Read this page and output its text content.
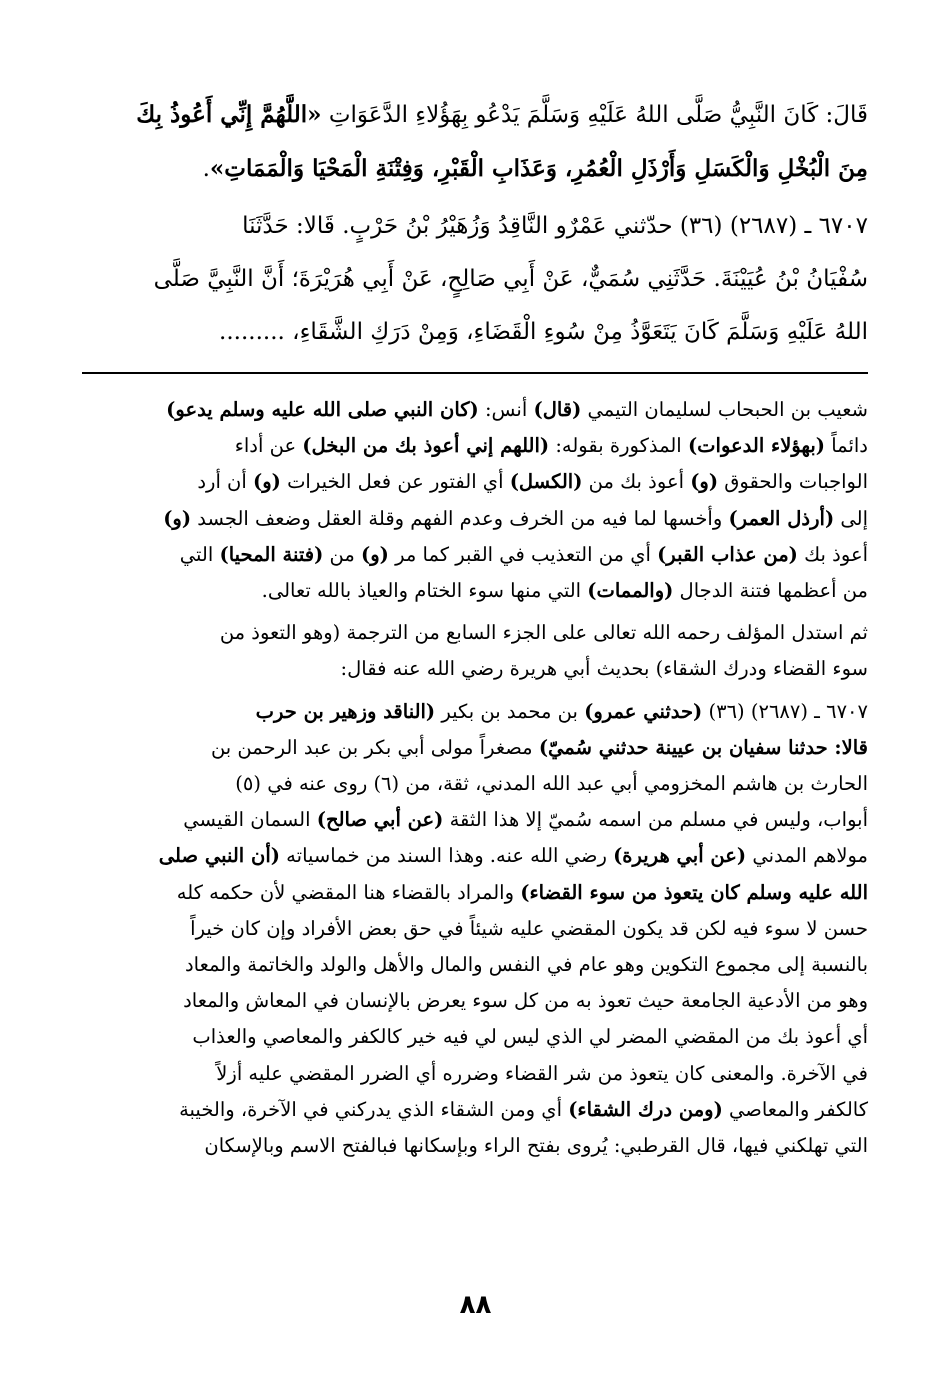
قَالَ: كَانَ النَّبِيُّ صَلَّى اللهُ عَلَيْهِ وَسَلَّمَ يَدْعُو بِهَؤُلاءِ الدَّعَوَاتِ «اللَّهُمَّ إِنِّي أَعُوذُ بِكَ

مِنَ الْبُخْلِ وَالْكَسَلِ وَأَرْذَلِ الْعُمُرِ، وَعَذَابِ الْقَبْرِ، وَفِتْنَةِ الْمَحْيَا وَالْمَمَاتِ».

٦٧٠٧ ـ (٢٦٨٧) (٣٦) حدّثني عَمْرٌو النَّاقِدُ وَزُهَيْرُ بْنُ حَرْبٍ. قَالا: حَدَّثَنَا

سُفْيَانُ بْنُ عُيَيْنَةَ. حَدَّثَنِي سُمَيٌّ، عَنْ أَبِي صَالِحٍ، عَنْ أَبِي هُرَيْرَةَ؛ أَنَّ النَّبِيَّ صَلَّى

اللهُ عَلَيْهِ وَسَلَّمَ كَانَ يَتَعَوَّذُ مِنْ سُوءِ الْقَضَاءِ، وَمِنْ دَرَكِ الشَّقَاءِ، .........

شعيب بن الحبحاب لسليمان التيمي (قال) أنس: (كان النبي صلى الله عليه وسلم يدعو)

دائماً (بهؤلاء الدعوات) المذكورة بقوله: (اللهم إني أعوذ بك من البخل) عن أداء

الواجبات والحقوق (و) أعوذ بك من (الكسل) أي الفتور عن فعل الخيرات (و) أن أرد

إلى (أرذل العمر) وأخسها لما فيه من الخرف وعدم الفهم وقلة العقل وضعف الجسد (و)

أعوذ بك (من عذاب القبر) أي من التعذيب في القبر كما مر (و) من (فتنة المحيا) التي

من أعظمها فتنة الدجال (والممات) التي منها سوء الختام والعياذ بالله تعالى.

ثم استدل المؤلف رحمه الله تعالى على الجزء السابع من الترجمة (وهو التعوذ من

سوء القضاء ودرك الشقاء) بحديث أبي هريرة رضي الله عنه فقال:

٦٧٠٧ ـ (٢٦٨٧) (٣٦) (حدثني عمرو) بن محمد بن بكير (الناقد وزهير بن حرب

قالا: حدثنا سفيان بن عيينة حدثني سُميّ) مصغراً مولى أبي بكر بن عبد الرحمن بن

الحارث بن هاشم المخزومي أبي عبد الله المدني، ثقة، من (٦) روى عنه في (٥)

أبواب، وليس في مسلم من اسمه سُميّ إلا هذا الثقة (عن أبي صالح) السمان القيسي

مولاهم المدني (عن أبي هريرة) رضي الله عنه. وهذا السند من خماسياته (أن النبي صلى

الله عليه وسلم كان يتعوذ من سوء القضاء) والمراد بالقضاء هنا المقضي لأن حكمه كله

حسن لا سوء فيه لكن قد يكون المقضي عليه شيئاً في حق بعض الأفراد وإن كان خيراً

بالنسبة إلى مجموع التكوين وهو عام في النفس والمال والأهل والولد والخاتمة والمعاد

وهو من الأدعية الجامعة حيث تعوذ به من كل سوء يعرض بالإنسان في المعاش والمعاد

أي أعوذ بك من المقضي المضر لي الذي ليس لي فيه خير كالكفر والمعاصي والعذاب

في الآخرة. والمعنى كان يتعوذ من شر القضاء وضرره أي الضرر المقضي عليه أزلاً

كالكفر والمعاصي (ومن درك الشقاء) أي ومن الشقاء الذي يدركني في الآخرة، والخيبة

التي تهلكني فيها، قال القرطبي: يُروى بفتح الراء وبإسكانها فبالفتح الاسم وبالإسكان

٨٨
